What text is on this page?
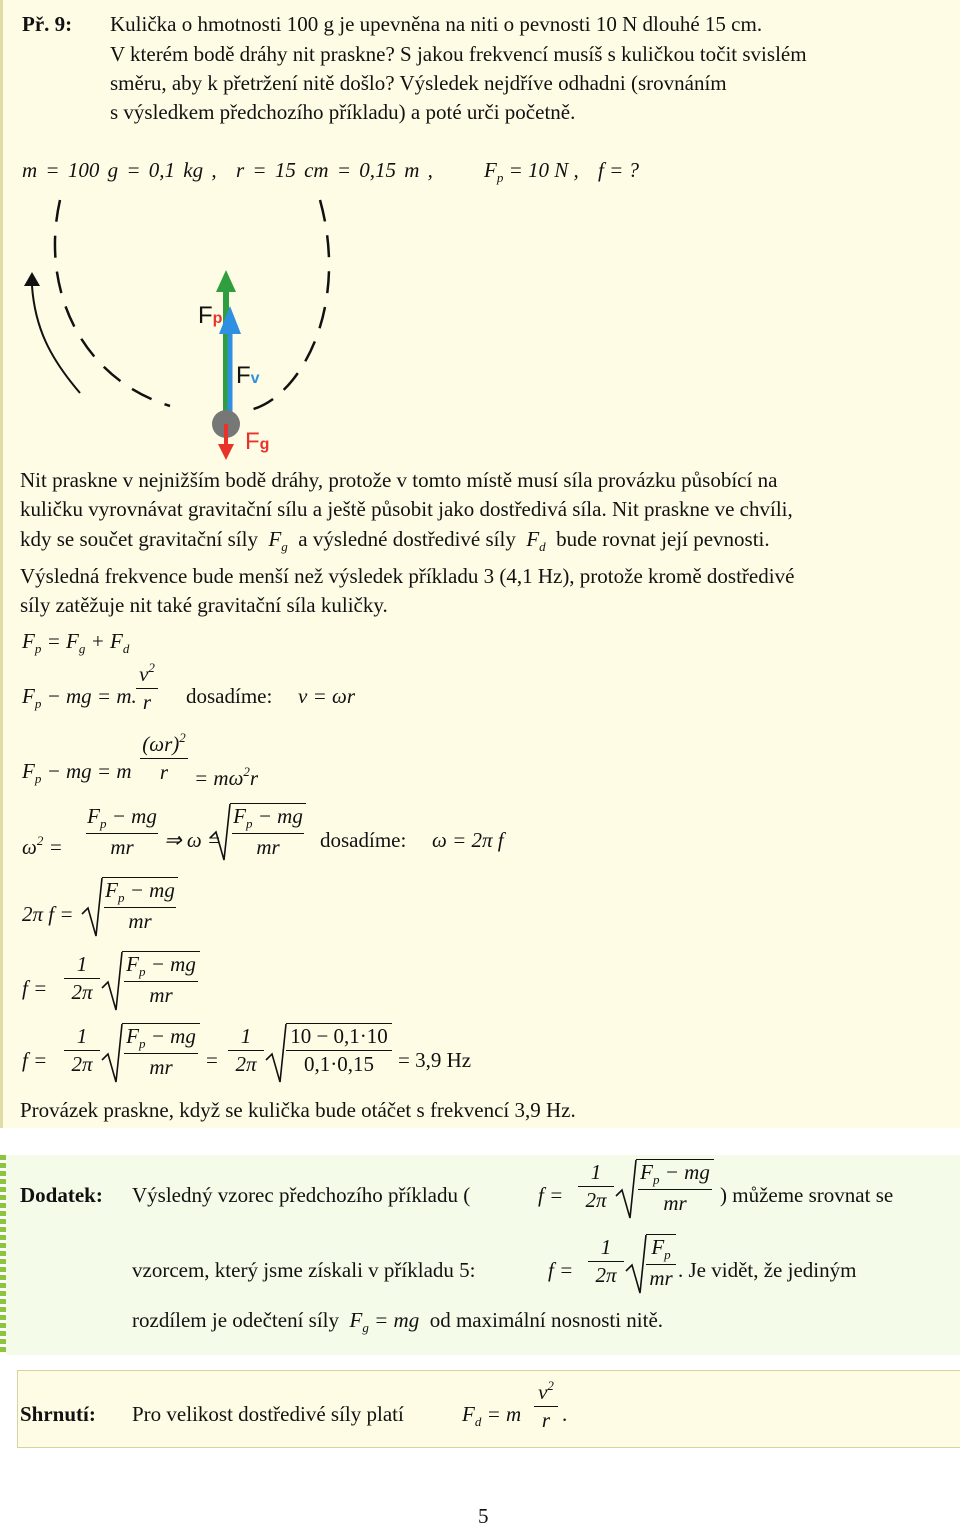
Př. 9: Kulička o hmotnosti 100 g je upevněna na niti o pevnosti 10 N dlouhé 15 cm.
V kterém bodě dráhy nit praskne? S jakou frekvencí musíš s kuličkou točit svislém
směru, aby k přetržení nitě došlo? Výsledek nejdříve odhadni (srovnáním
s výsledkem předchozího příkladu) a poté urči početně.
m = 100 g = 0,1 kg , r = 15 cm = 0,15 m , $F_p = 10$ N , f = ?
Fp
Fv
Fg
Nit praskne v nejnižším bodě dráhy, protože v tomto místě musí síla provázku působící na
kuličku vyrovnávat gravitační sílu a ještě působit jako dostředivá síla. Nit praskne ve chvíli,
kdy se součet gravitační síly $F_g$ a výsledné dostředivé síly $F_d$ bude rovnat její pevnosti.
Výsledná frekvence bude menší než výsledek příkladu 3 (4,1 Hz), protože kromě dostředivé
síly zatěžuje nit také gravitační síla kuličky.
$F_p = F_g + F_d$
$F_p$ − mg = m.
$v^2$
r	dosadíme: v = ωr
$F_p$ − mg = m
$(\omega r)^2$
r	= $m\omega^2r$
$\omega^2$ =
$F_p$ − mg
mr	⇒ ω =
$F_p$ − mg
mr	dosadíme: ω = 2π f
2π f =
$F_p$ − mg
mr
f =
1
2π
$F_p$ − mg
mr
f =
1
2π
$F_p$ − mg
mr	=
1
2π
10 − 0,1·10
0,1·0,15	= 3,9 Hz
Provázek praskne, když se kulička bude otáčet s frekvencí 3,9 Hz.
Dodatek: Výsledný vzorec předchozího příkladu (	f =
1
2π
$F_p$ − mg
mr	) můžeme srovnat se
vzorcem, který jsme získali v příkladu 5:	f =
1
2π
$F_p$
mr . Je vidět, že jediným
rozdílem je odečtení síly $F_g$ = mg od maximální nosnosti nitě.
Shrnutí: Pro velikost dostředivé síly platí	$F_d = m$
$v^2$
r .
5
